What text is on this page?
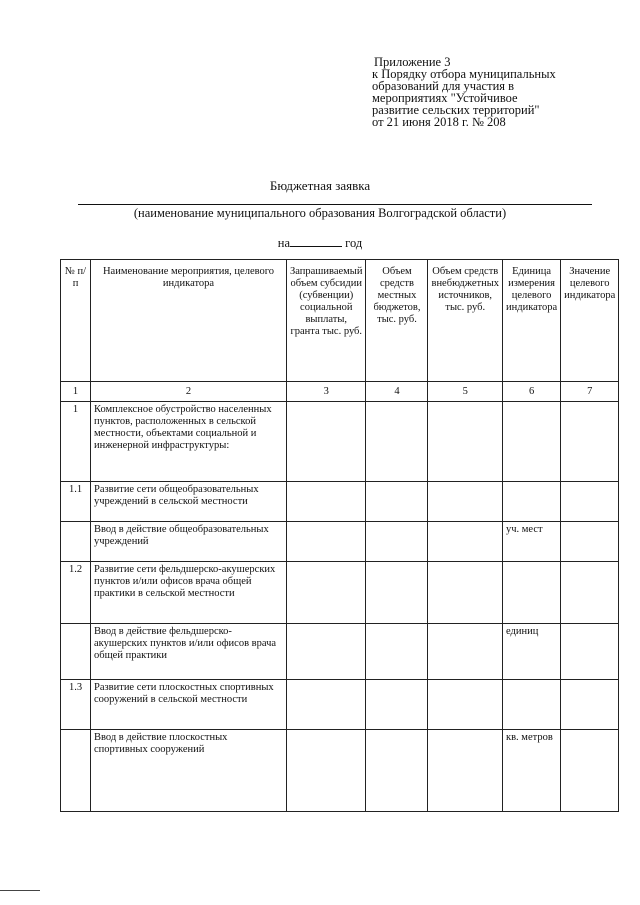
Приложение 3
к Порядку отбора муниципальных
образований для участия в
мероприятиях "Устойчивое
развитие сельских территорий"
от 21 июня 2018 г. № 208
Бюджетная заявка
(наименование муниципального образования Волгоградской области)
на	год
№ п/п	Наименование мероприятия, целевого индикатора	Запрашиваемый объем субсидии (субвенции) социальной выплаты, гранта тыс. руб.	Объем средств местных бюджетов, тыс. руб.	Объем средств внебюджетных источников, тыс. руб.	Единица измерения целевого индикатора	Значение целевого индикатора
1	2	3	4	5	6	7
1	Комплексное обустройство населенных пунктов, расположенных в сельской местности, объектами социальной и инженерной инфраструктуры:					
1.1	Развитие сети общеобразовательных учреждений в сельской местности					
	Ввод в действие общеобразовательных учреждений				уч. мест	
1.2	Развитие сети фельдшерско-акушерских пунктов и/или офисов врача общей практики в сельской местности					
	Ввод в действие фельдшерско-акушерских пунктов и/или офисов врача общей практики				единиц	
1.3	Развитие сети плоскостных спортивных сооружений в сельской местности					
	Ввод в действие плоскостных спортивных сооружений				кв. метров	
